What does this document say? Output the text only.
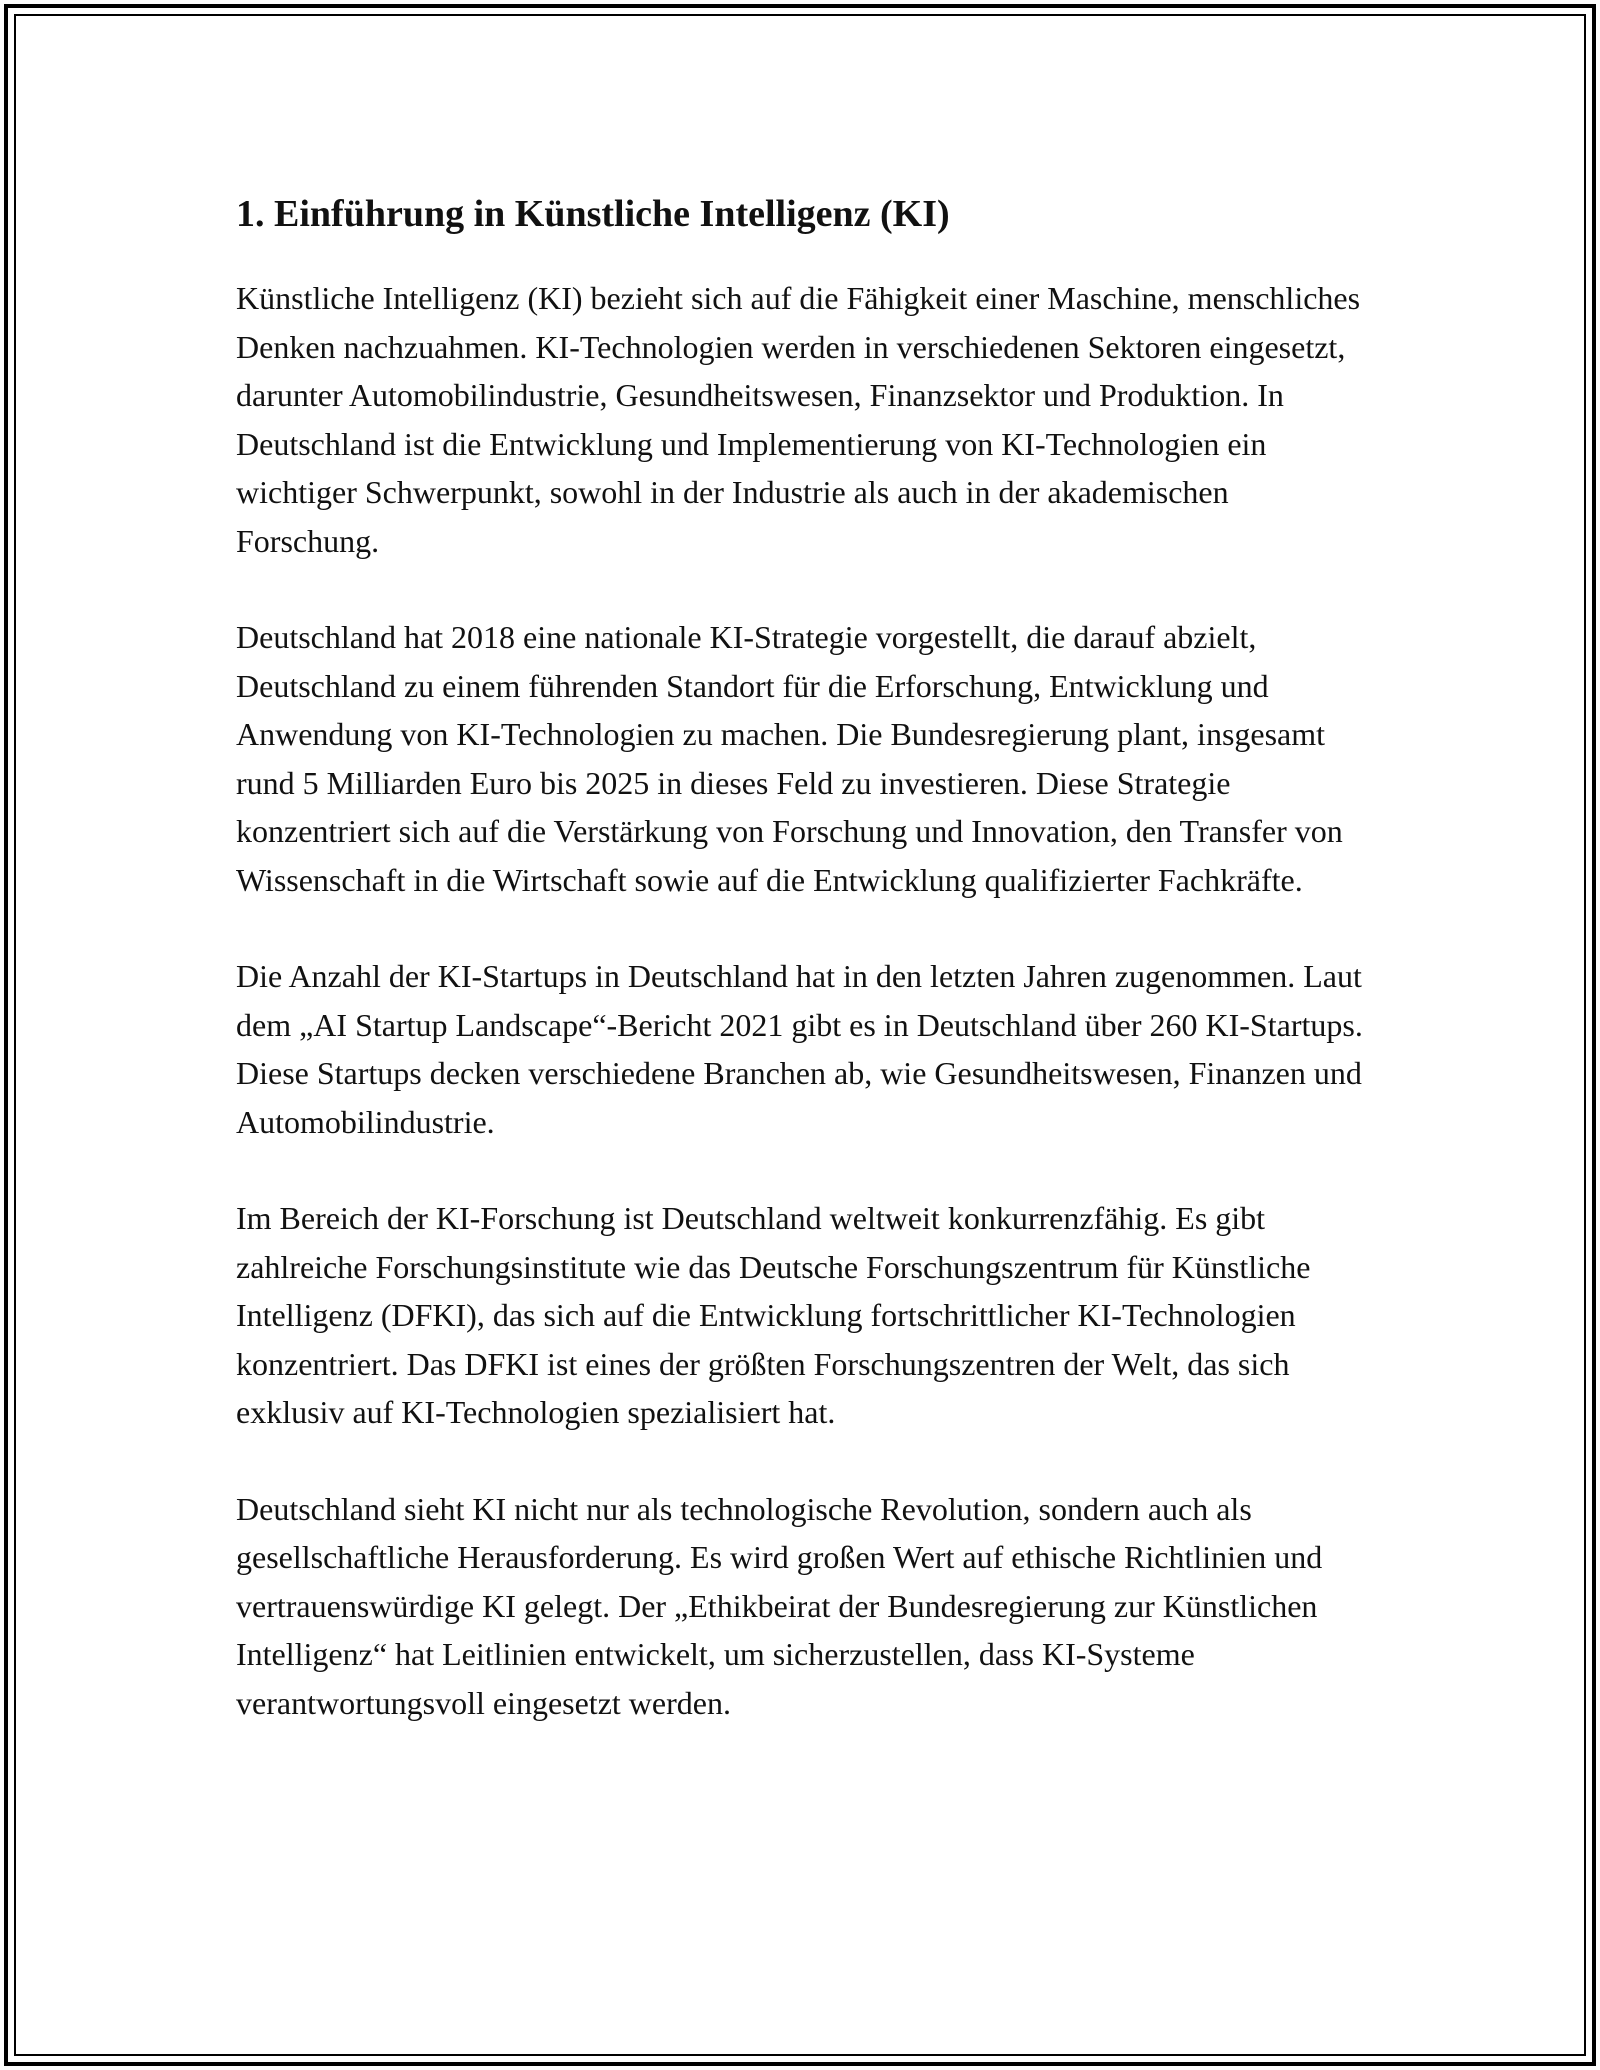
1. Einführung in Künstliche Intelligenz (KI)

Künstliche Intelligenz (KI) bezieht sich auf die Fähigkeit einer Maschine, menschliches Denken nachzuahmen. KI-Technologien werden in verschiedenen Sektoren eingesetzt, darunter Automobilindustrie, Gesundheitswesen, Finanzsektor und Produktion. In Deutschland ist die Entwicklung und Implementierung von KI-Technologien ein wichtiger Schwerpunkt, sowohl in der Industrie als auch in der akademischen Forschung.

Deutschland hat 2018 eine nationale KI-Strategie vorgestellt, die darauf abzielt, Deutschland zu einem führenden Standort für die Erforschung, Entwicklung und Anwendung von KI-Technologien zu machen. Die Bundesregierung plant, insgesamt rund 5 Milliarden Euro bis 2025 in dieses Feld zu investieren. Diese Strategie konzentriert sich auf die Verstärkung von Forschung und Innovation, den Transfer von Wissenschaft in die Wirtschaft sowie auf die Entwicklung qualifizierter Fachkräfte.

Die Anzahl der KI-Startups in Deutschland hat in den letzten Jahren zugenommen. Laut dem „AI Startup Landscape“-Bericht 2021 gibt es in Deutschland über 260 KI-Startups. Diese Startups decken verschiedene Branchen ab, wie Gesundheitswesen, Finanzen und Automobilindustrie.

Im Bereich der KI-Forschung ist Deutschland weltweit konkurrenzfähig. Es gibt zahlreiche Forschungsinstitute wie das Deutsche Forschungszentrum für Künstliche Intelligenz (DFKI), das sich auf die Entwicklung fortschrittlicher KI-Technologien konzentriert. Das DFKI ist eines der größten Forschungszentren der Welt, das sich exklusiv auf KI-Technologien spezialisiert hat.

Deutschland sieht KI nicht nur als technologische Revolution, sondern auch als gesellschaftliche Herausforderung. Es wird großen Wert auf ethische Richtlinien und vertrauenswürdige KI gelegt. Der „Ethikbeirat der Bundesregierung zur Künstlichen Intelligenz“ hat Leitlinien entwickelt, um sicherzustellen, dass KI-Systeme verantwortungsvoll eingesetzt werden.
